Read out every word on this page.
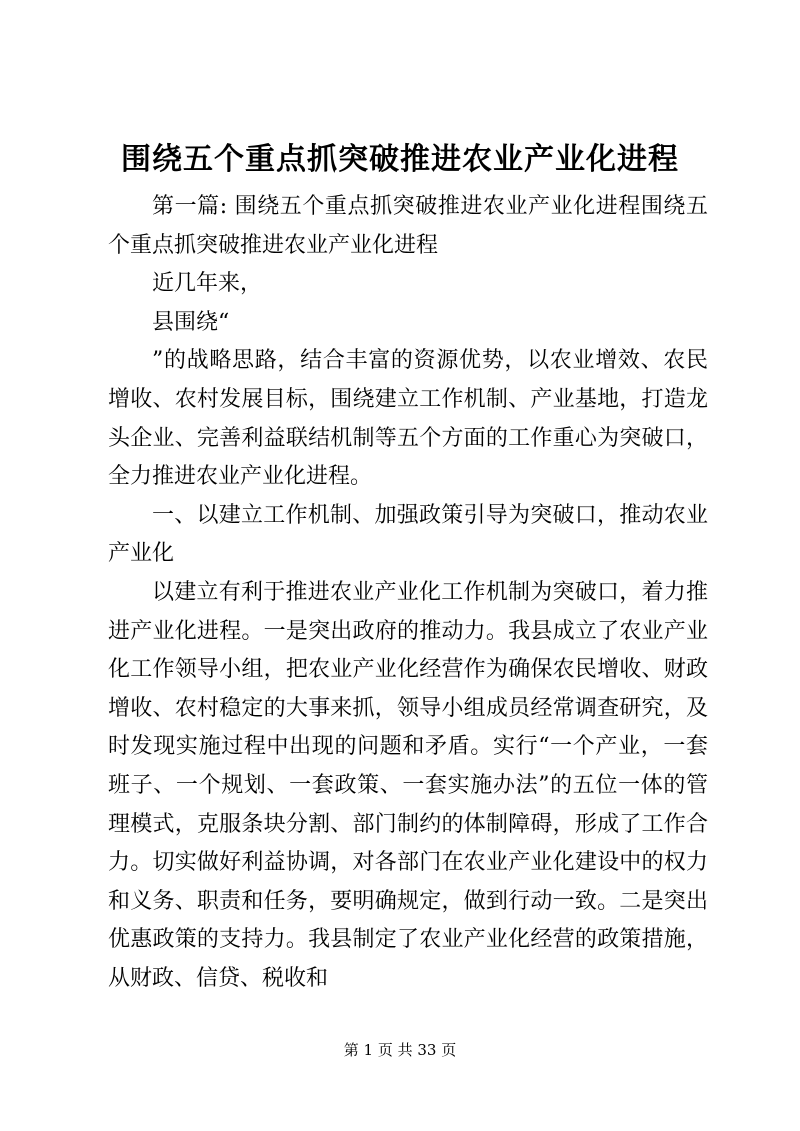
围绕五个重点抓突破推进农业产业化进程

第一篇: 围绕五个重点抓突破推进农业产业化进程围绕五个重点抓突破推进农业产业化进程

近几年来，

县围绕“

”的战略思路，结合丰富的资源优势，以农业增效、农民增收、农村发展目标，围绕建立工作机制、产业基地，打造龙头企业、完善利益联结机制等五个方面的工作重心为突破口，全力推进农业产业化进程。

一、以建立工作机制、加强政策引导为突破口，推动农业产业化

以建立有利于推进农业产业化工作机制为突破口，着力推进产业化进程。一是突出政府的推动力。我县成立了农业产业化工作领导小组，把农业产业化经营作为确保农民增收、财政增收、农村稳定的大事来抓，领导小组成员经常调查研究，及时发现实施过程中出现的问题和矛盾。实行“一个产业，一套班子、一个规划、一套政策、一套实施办法”的五位一体的管理模式，克服条块分割、部门制约的体制障碍，形成了工作合力。切实做好利益协调，对各部门在农业产业化建设中的权力和义务、职责和任务，要明确规定，做到行动一致。二是突出优惠政策的支持力。我县制定了农业产业化经营的政策措施，从财政、信贷、税收和

第 1 页 共 33 页
